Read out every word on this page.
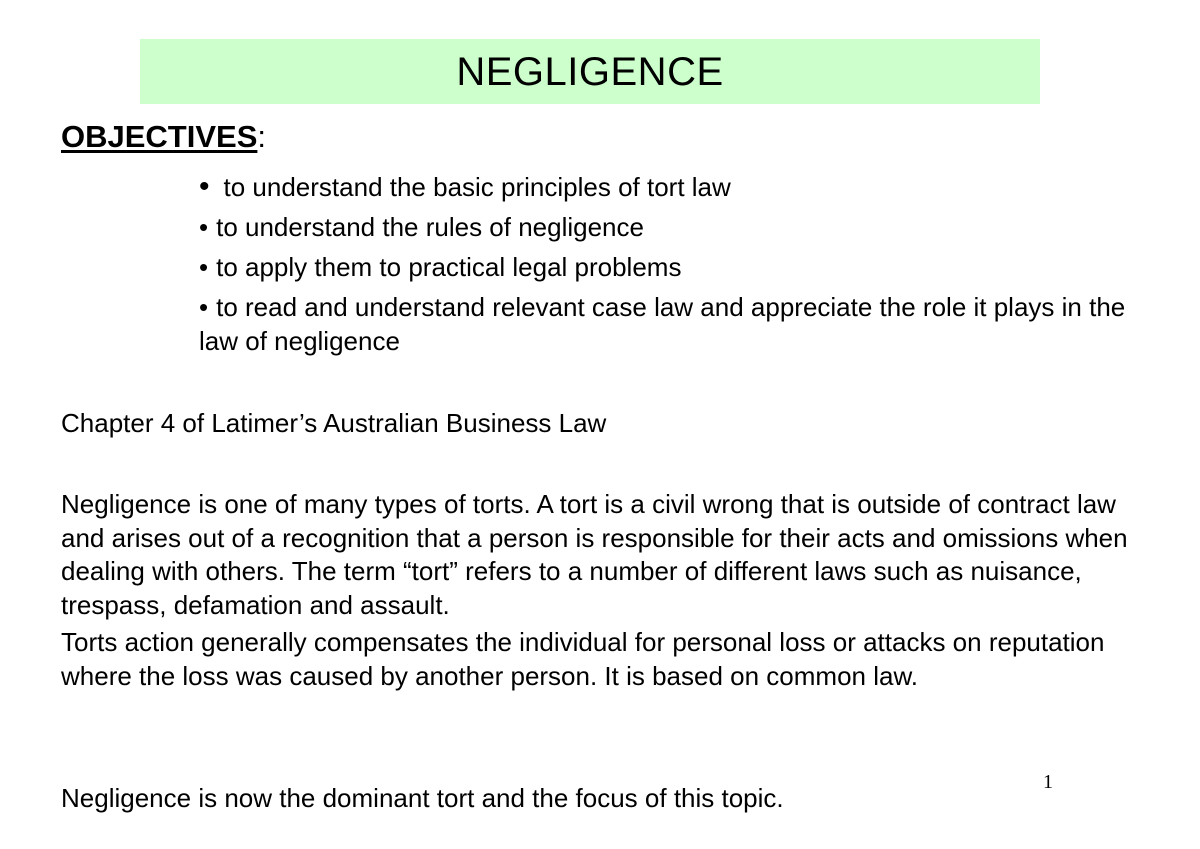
NEGLIGENCE
OBJECTIVES:
• to understand the basic principles of tort law
• to understand the rules of negligence
• to apply them to practical legal problems
• to read and understand relevant case law and appreciate the role it plays in the law of negligence

Chapter 4 of Latimer’s Australian Business Law

Negligence is one of many types of torts. A tort is a civil wrong that is outside of contract law and arises out of a recognition that a person is responsible for their acts and omissions when dealing with others. The term “tort” refers to a number of different laws such as nuisance, trespass, defamation and assault.

Torts action generally compensates the individual for personal loss or attacks on reputation where the loss was caused by another person. It is based on common law.

Negligence is now the dominant tort and the focus of this topic.

1
